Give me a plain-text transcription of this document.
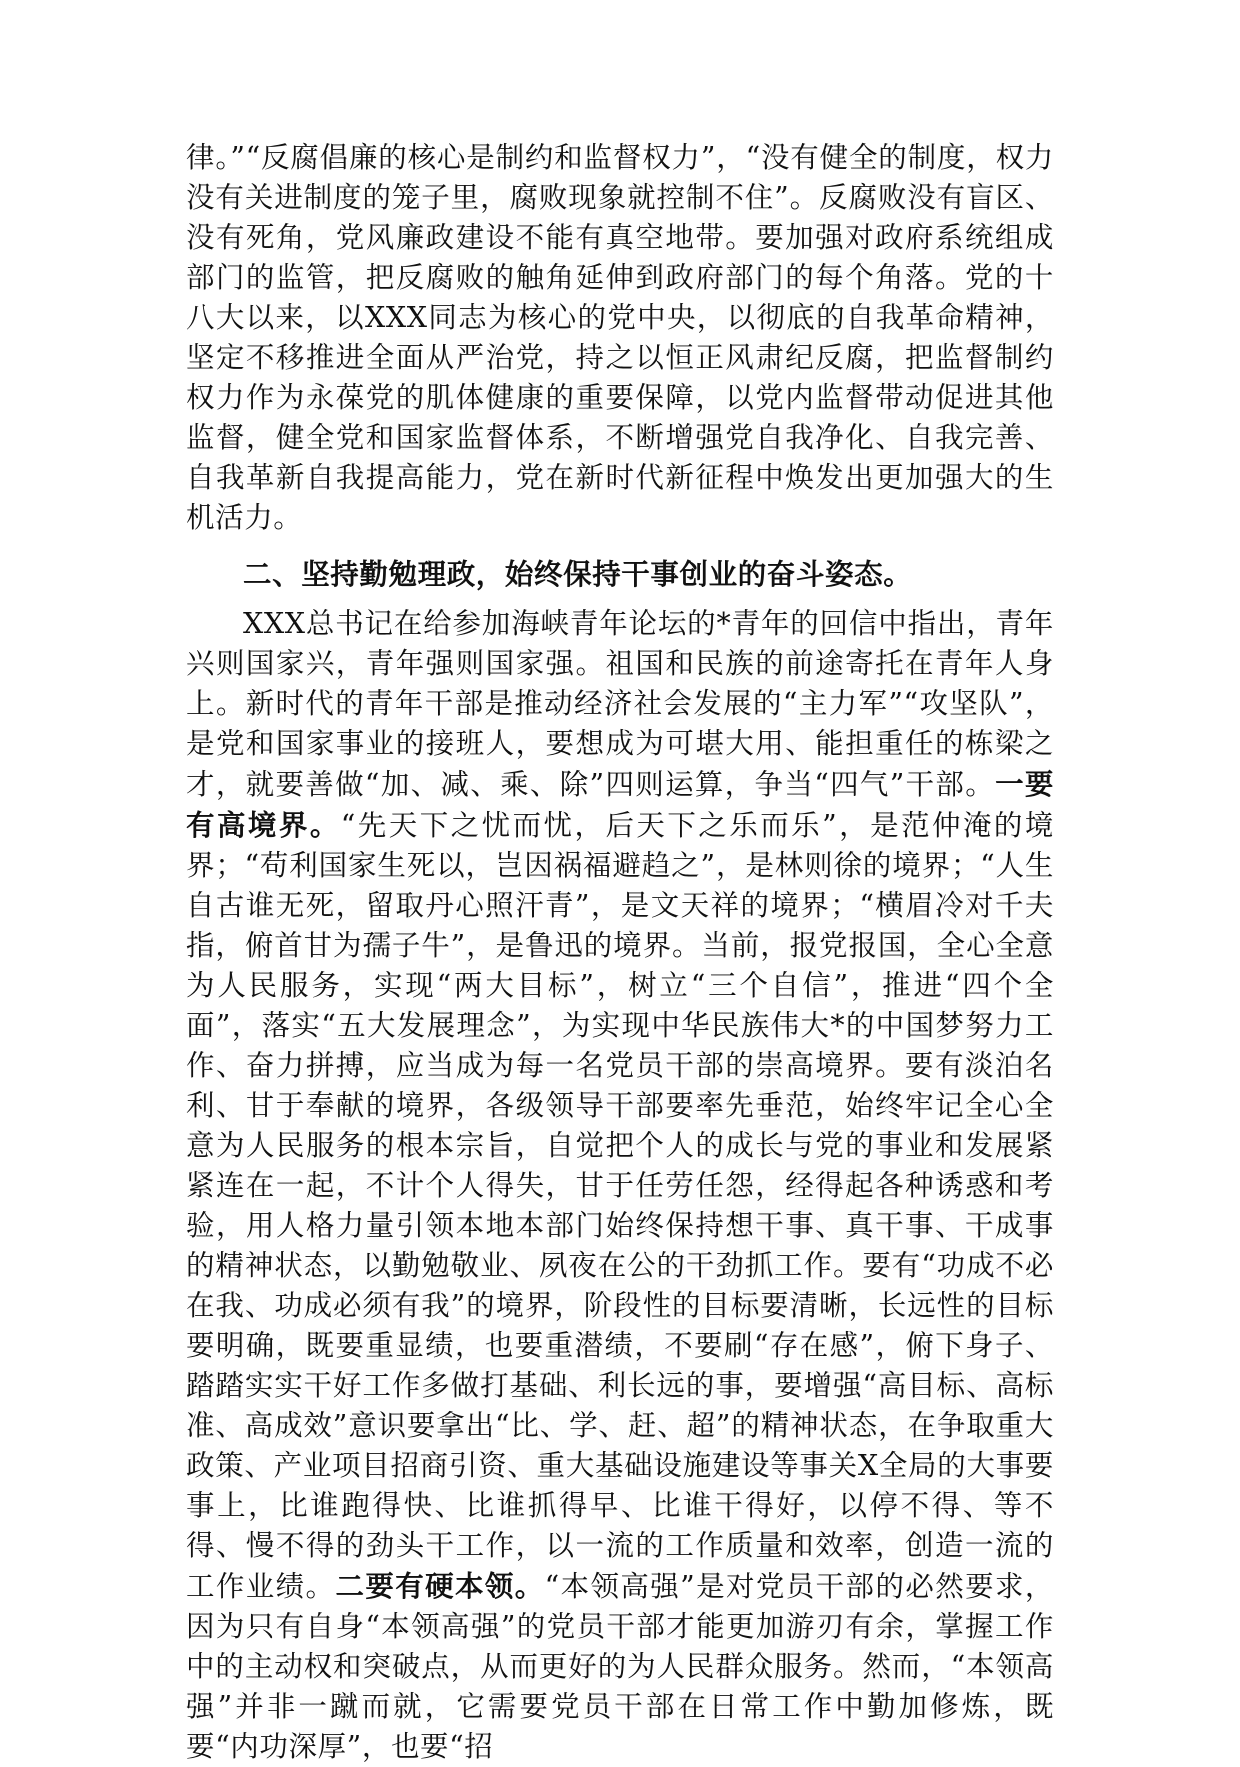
律。”“反腐倡廉的核心是制约和监督权力”，“没有健全的制度，权力没有关进制度的笼子里，腐败现象就控制不住”。反腐败没有盲区、没有死角，党风廉政建设不能有真空地带。要加强对政府系统组成部门的监管，把反腐败的触角延伸到政府部门的每个角落。党的十八大以来，以XXX同志为核心的党中央，以彻底的自我革命精神，坚定不移推进全面从严治党，持之以恒正风肃纪反腐，把监督制约权力作为永葆党的肌体健康的重要保障，以党内监督带动促进其他监督，健全党和国家监督体系，不断增强党自我净化、自我完善、自我革新自我提高能力，党在新时代新征程中焕发出更加强大的生机活力。

二、坚持勤勉理政，始终保持干事创业的奋斗姿态。

XXX总书记在给参加海峡青年论坛的*青年的回信中指出，青年兴则国家兴，青年强则国家强。祖国和民族的前途寄托在青年人身上。新时代的青年干部是推动经济社会发展的“主力军”“攻坚队”，是党和国家事业的接班人，要想成为可堪大用、能担重任的栋梁之才，就要善做“加、减、乘、除”四则运算，争当“四气”干部。一要有高境界。“先天下之忧而忧，后天下之乐而乐”，是范仲淹的境界；“苟利国家生死以，岂因祸福避趋之”，是林则徐的境界；“人生自古谁无死，留取丹心照汗青”，是文天祥的境界；“横眉冷对千夫指，俯首甘为孺子牛”，是鲁迅的境界。当前，报党报国，全心全意为人民服务，实现“两大目标”，树立“三个自信”，推进“四个全面”，落实“五大发展理念”，为实现中华民族伟大*的中国梦努力工作、奋力拼搏，应当成为每一名党员干部的崇高境界。要有淡泊名利、甘于奉献的境界，各级领导干部要率先垂范，始终牢记全心全意为人民服务的根本宗旨，自觉把个人的成长与党的事业和发展紧紧连在一起，不计个人得失，甘于任劳任怨，经得起各种诱惑和考验，用人格力量引领本地本部门始终保持想干事、真干事、干成事的精神状态，以勤勉敬业、夙夜在公的干劲抓工作。要有“功成不必在我、功成必须有我”的境界，阶段性的目标要清晰，长远性的目标要明确，既要重显绩，也要重潜绩，不要刷“存在感”，俯下身子、踏踏实实干好工作多做打基础、利长远的事，要增强“高目标、高标准、高成效”意识要拿出“比、学、赶、超”的精神状态，在争取重大政策、产业项目招商引资、重大基础设施建设等事关X全局的大事要事上，比谁跑得快、比谁抓得早、比谁干得好，以停不得、等不得、慢不得的劲头干工作，以一流的工作质量和效率，创造一流的工作业绩。二要有硬本领。“本领高强”是对党员干部的必然要求，因为只有自身“本领高强”的党员干部才能更加游刃有余，掌握工作中的主动权和突破点，从而更好的为人民群众服务。然而，“本领高强”并非一蹴而就，它需要党员干部在日常工作中勤加修炼，既要“内功深厚”，也要“招
